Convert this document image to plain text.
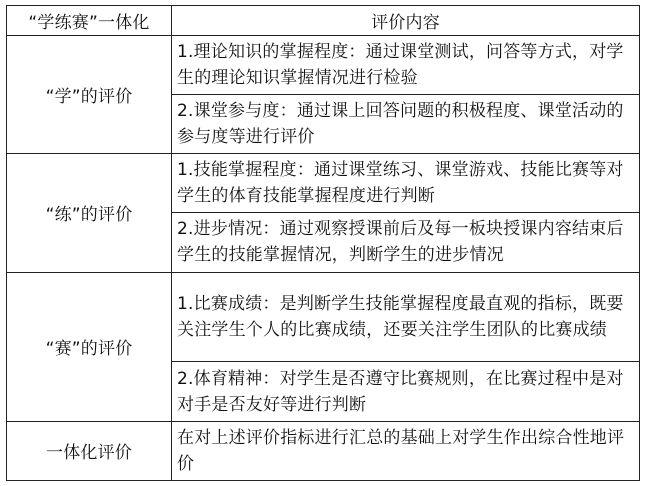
“学练赛”一体化	评价内容
“学”的评价	1.理论知识的掌握程度：通过课堂测试，问答等方式，对学生的理论知识掌握情况进行检验
	2.课堂参与度：通过课上回答问题的积极程度、课堂活动的参与度等进行评价
“练”的评价	1.技能掌握程度：通过课堂练习、课堂游戏、技能比赛等对学生的体育技能掌握程度进行判断
	2.进步情况：通过观察授课前后及每一板块授课内容结束后学生的技能掌握情况，判断学生的进步情况
“赛”的评价	1.比赛成绩：是判断学生技能掌握程度最直观的指标，既要关注学生个人的比赛成绩，还要关注学生团队的比赛成绩
	2.体育精神：对学生是否遵守比赛规则，在比赛过程中是对对手是否友好等进行判断
一体化评价	在对上述评价指标进行汇总的基础上对学生作出综合性地评价
